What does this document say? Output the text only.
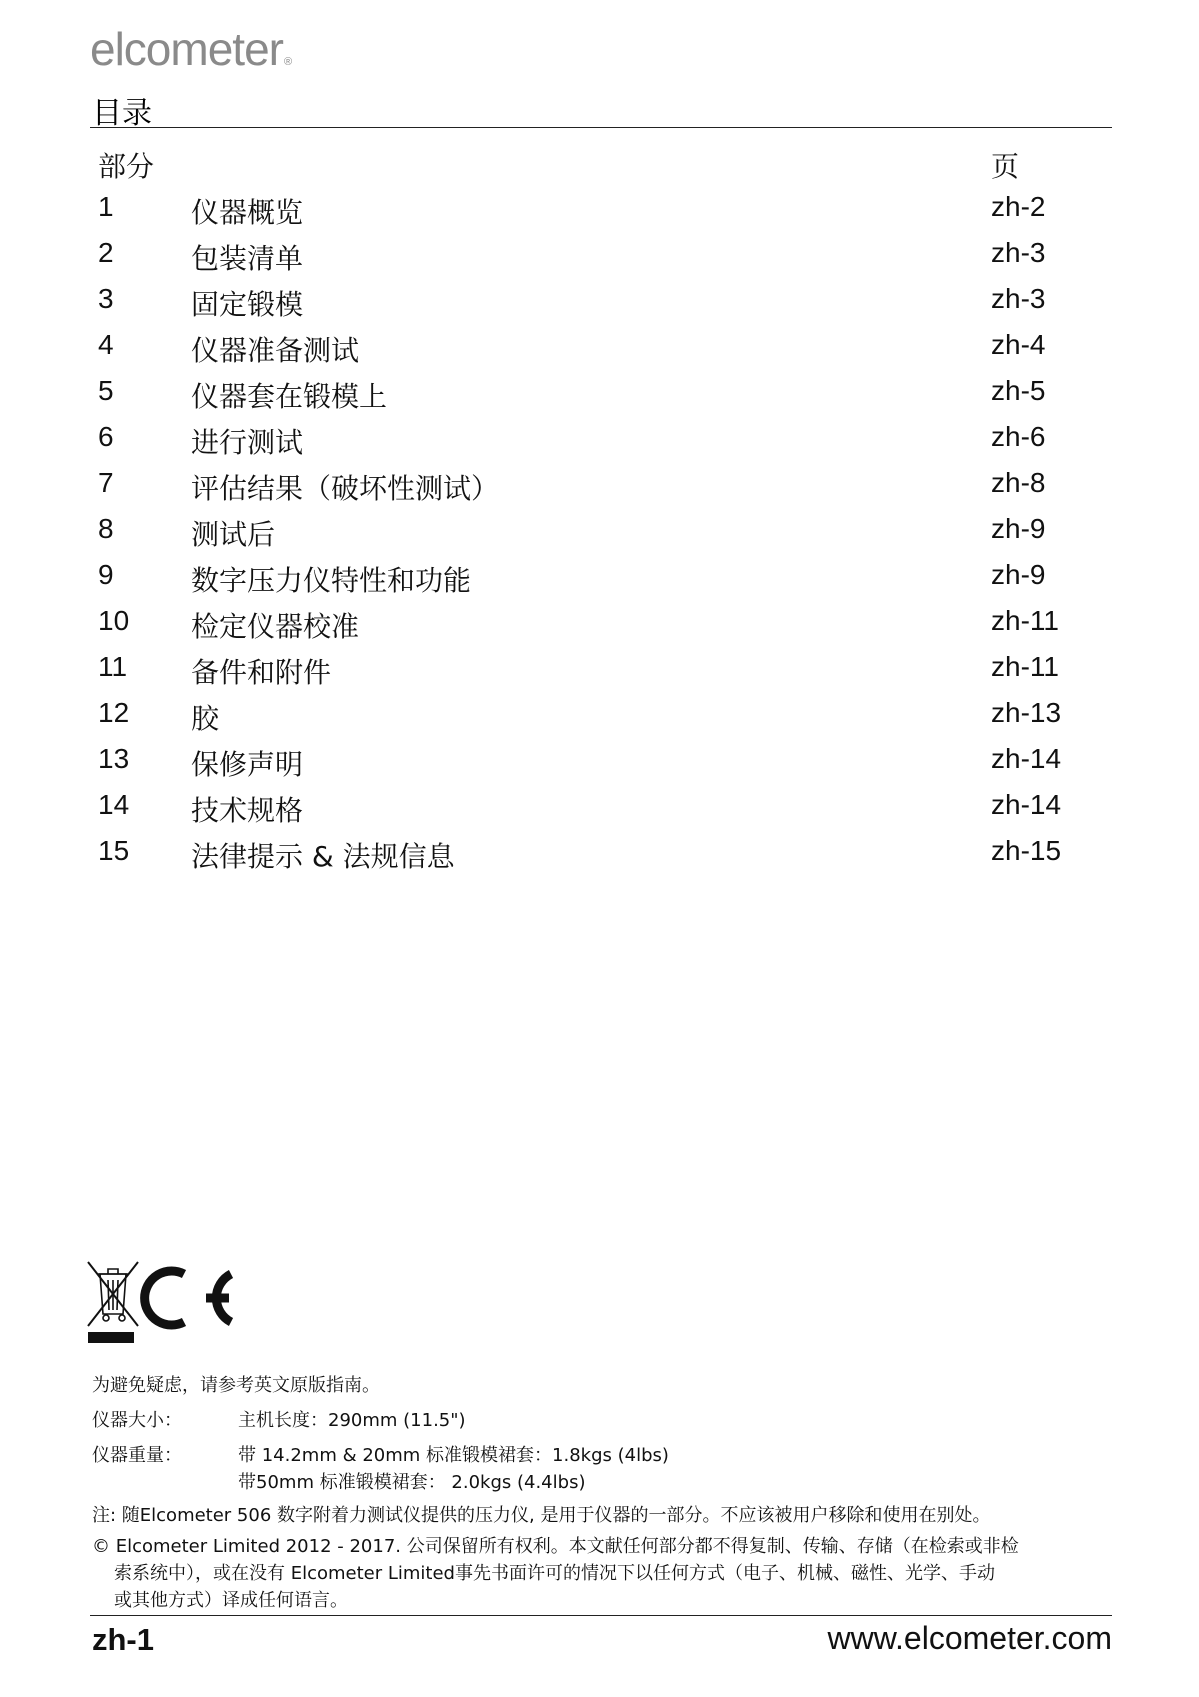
elcometer®
目录
部分	页
1	仪器概览	zh-2
2	包装清单	zh-3
3	固定锻模	zh-3
4	仪器准备测试	zh-4
5	仪器套在锻模上	zh-5
6	进行测试	zh-6
7	评估结果（破坏性测试）	zh-8
8	测试后	zh-9
9	数字压力仪特性和功能	zh-9
10 检定仪器校准	zh-11
11 备件和附件	zh-11
12 胶	zh-13
13 保修声明	zh-14
14 技术规格	zh-14
15 法律提示 & 法规信息	zh-15
为避免疑虑，请参考英文原版指南。
仪器大小：	主机长度：290mm (11.5")
仪器重量：	带 14.2mm & 20mm 标准锻模裙套：1.8kgs (4lbs)
带50mm 标准锻模裙套： 2.0kgs (4.4lbs)
注: 随Elcometer 506 数字附着力测试仪提供的压力仪, 是用于仪器的一部分。不应该被用户移除和使用在别处。
© Elcometer Limited 2012 - 2017. 公司保留所有权利。本文献任何部分都不得复制、传输、存储（在检索或非检
索系统中），或在没有 Elcometer Limited事先书面许可的情况下以任何方式（电子、机械、磁性、光学、手动
或其他方式）译成任何语言。
zh-1	www.elcometer.com
